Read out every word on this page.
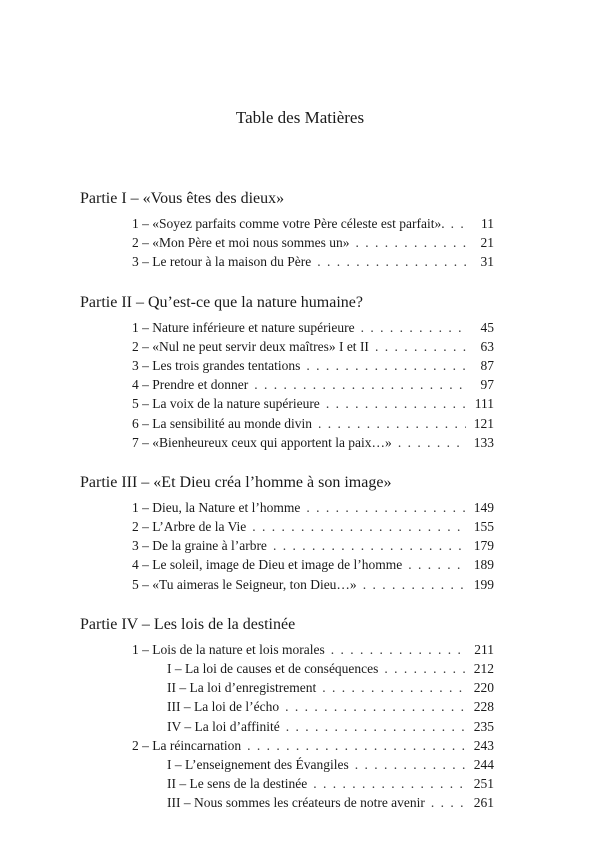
Table des Matières
Partie I – «Vous êtes des dieux»
1 – «Soyez parfaits comme votre Père céleste est parfait». . . .	11
2 – «Mon Père et moi nous sommes un» . . .	21
3 – Le retour à la maison du Père . . .	31
Partie II – Qu’est-ce que la nature humaine?
1 – Nature inférieure et nature supérieure . . .	45
2 – «Nul ne peut servir deux maîtres» I et II . . .	63
3 – Les trois grandes tentations . . .	87
4 – Prendre et donner . . .	97
5 – La voix de la nature supérieure . . .	111
6 – La sensibilité au monde divin . . .	121
7 – «Bienheureux ceux qui apportent la paix…» . . .	133
Partie III – «Et Dieu créa l’homme à son image»
1 – Dieu, la Nature et l’homme . . .	149
2 – L’Arbre de la Vie . . .	155
3 – De la graine à l’arbre . . .	179
4 – Le soleil, image de Dieu et image de l’homme . . .	189
5 – «Tu aimeras le Seigneur, ton Dieu…» . . .	199
Partie IV – Les lois de la destinée
1 – Lois de la nature et lois morales . . .	211
I – La loi de causes et de conséquences . . .	212
II – La loi d’enregistrement . . .	220
III – La loi de l’écho . . .	228
IV – La loi d’affinité . . .	235
2 – La réincarnation . . .	243
I – L’enseignement des Évangiles . . .	244
II – Le sens de la destinée . . .	251
III – Nous sommes les créateurs de notre avenir . . .	261
